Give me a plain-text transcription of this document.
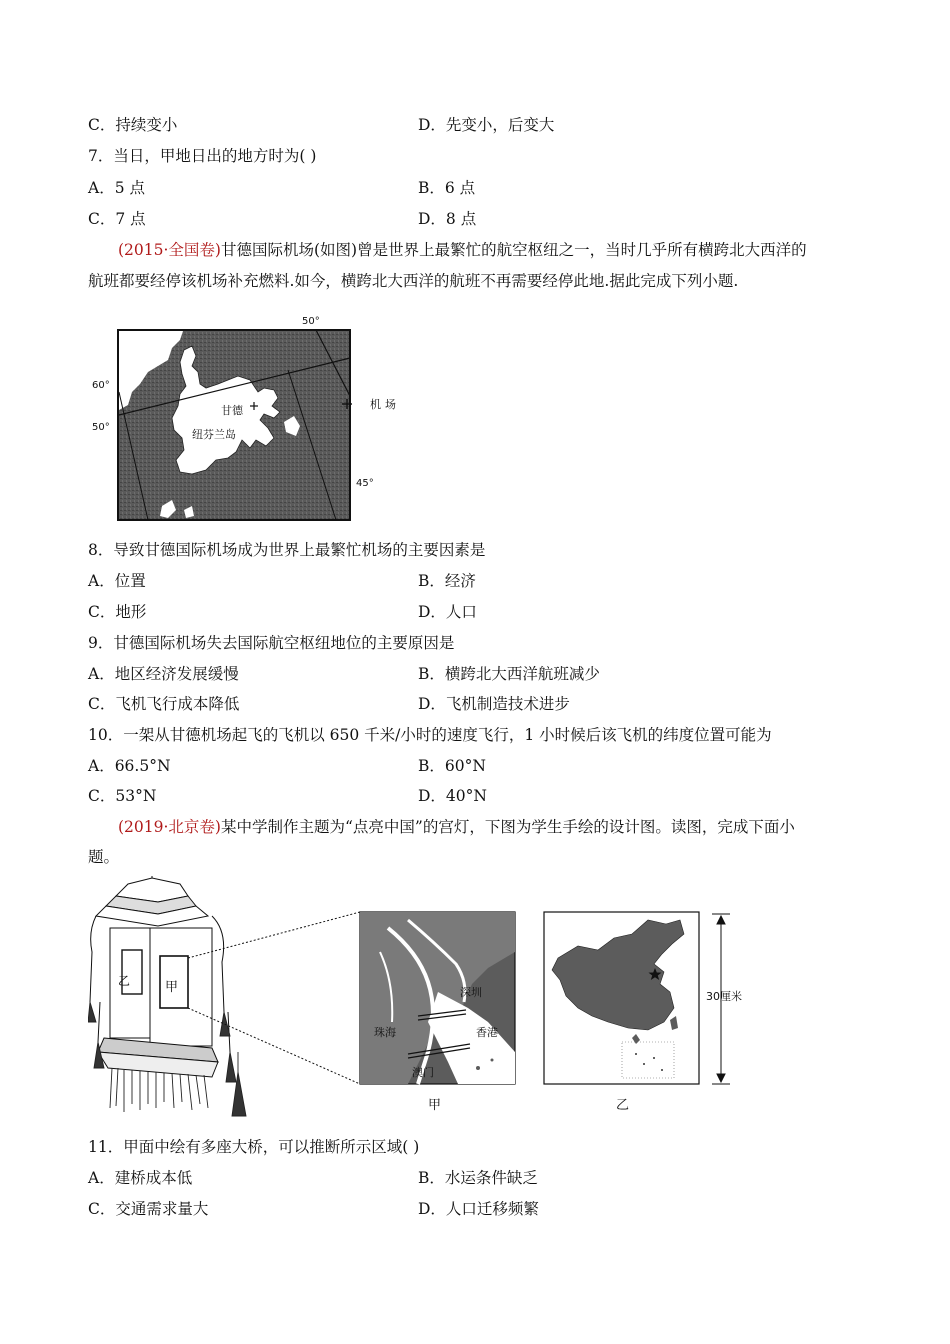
C．持续变小	D．先变小，后变大
7．当日，甲地日出的地方时为( )
A．5 点	B．6 点
C．7 点	D．8 点
(2015·全国卷)甘德国际机场(如图)曾是世界上最繁忙的航空枢纽之一，当时几乎所有横跨北大西洋的
航班都要经停该机场补充燃料.如今，横跨北大西洋的航班不再需要经停此地.据此完成下列小题.
60°
50°
50°
45°
甘德
纽芬兰岛
机场
8．导致甘德国际机场成为世界上最繁忙机场的主要因素是
A．位置	B．经济
C．地形	D．人口
9．甘德国际机场失去国际航空枢纽地位的主要原因是
A．地区经济发展缓慢	B．横跨北大西洋航班减少
C．飞机飞行成本降低	D．飞机制造技术进步
10．一架从甘德机场起飞的飞机以 650 千米/小时的速度飞行，1 小时候后该飞机的纬度位置可能为
A．66.5°N	B．60°N
C．53°N	D．40°N
(2019·北京卷)某中学制作主题为“点亮中国”的宫灯，下图为学生手绘的设计图。读图，完成下面小
题。
乙	甲	深圳
珠海	香港
澳门
30厘米
甲	乙
11．甲面中绘有多座大桥，可以推断所示区域( )
A．建桥成本低	B．水运条件缺乏
C．交通需求量大	D．人口迁移频繁
